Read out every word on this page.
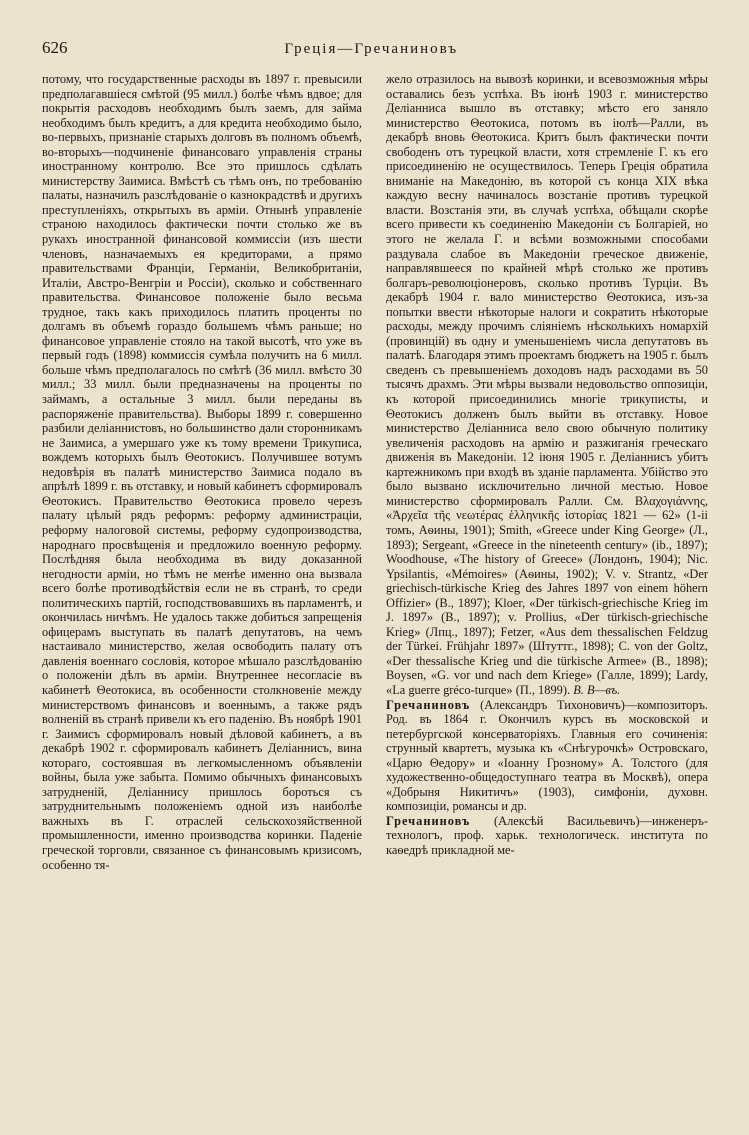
626	Грецiя—Гречаниновъ

потому, что государственные расходы въ 1897 г. превысили предполагавшiеся смѣтой (95 милл.) болѣе чѣмъ вдвое; для покрытiя расходовъ необходимъ былъ заемъ, для займа необходимъ былъ кредитъ, а для кредита необходимо было, во-первыхъ, признанiе старыхъ долговъ въ полномъ объемѣ, во-вторыхъ—подчиненiе финансоваго управленiя страны иностранному контролю. Все это пришлось сдѣлать министерству Заимиса. Вмѣстѣ съ тѣмъ онъ, по требованiю палаты, назначилъ разслѣдованiе о казнокрадствѣ и другихъ преступленiяхъ, открытыхъ въ армiи. Отнынѣ управленiе страною находилось фактически почти столько же въ рукахъ иностранной финансовой коммиссiи (изъ шести членовъ, назначаемыхъ ея кредиторами, а прямо правительствами Францiи, Германiи, Великобританiи, Италiи, Австро-Венгрiи и Россiи), сколько и собственнаго правительства. Финансовое положенiе было весьма трудное, такъ какъ приходилось платить проценты по долгамъ въ объемѣ гораздо большемъ чѣмъ раньше; но финансовое управленiе стояло на такой высотѣ, что уже въ первый годъ (1898) коммиссiя сумѣла получить на 6 милл. больше чѣмъ предполагалось по смѣтѣ (36 милл. вмѣсто 30 милл.; 33 милл. были предназначены на проценты по займамъ, а остальные 3 милл. были переданы въ распоряженiе правительства). Выборы 1899 г. совершенно разбили делiаннистовъ, но большинство дали сторонникамъ не Заимиса, а умершаго уже къ тому времени Трикуписа, вождемъ которыхъ былъ Θеотокисъ. Получившее вотумъ недовѣрiя въ палатѣ министерство Заимиса подало въ апрѣлѣ 1899 г. въ отставку, и новый кабинетъ сформировалъ Θеотокисъ. Правительство Θеотокиса провело черезъ палату цѣлый рядъ реформъ: реформу администрацiи, реформу налоговой системы, реформу судопроизводства, народнаго просвѣщенiя и предложило военную реформу. Послѣдняя была необходима въ виду доказанной негодности армiи, но тѣмъ не менѣе именно она вызвала всего болѣе противодѣйствiя если не въ странѣ, то среди политическихъ партiй, господствовавшихъ въ парламентѣ, и окончилась ничѣмъ. Не удалось также добиться запрещенiя офицерамъ выступать въ палатѣ депутатовъ, на чемъ настаивало министерство, желая освободить палату отъ давленiя военнаго сословiя, которое мѣшало разслѣдованiю о положенiи дѣлъ въ армiи. Внутреннее несогласiе въ кабинетѣ Θеотокиса, въ особенности столкновенiе между министерствомъ финансовъ и военнымъ, а также рядъ волненiй въ странѣ привели къ его паденiю. Въ ноябрѣ 1901 г. Заимисъ сформировалъ новый дѣловой кабинетъ, а въ декабрѣ 1902 г. сформировалъ кабинетъ Делiаннисъ, вина котораго, состоявшая въ легкомысленномъ объявленiи войны, была уже забыта. Помимо обычныхъ финансовыхъ затрудненiй, Делiаннису пришлось бороться съ затруднительнымъ положенiемъ одной изъ наиболѣе важныхъ въ Г. отраслей сельскохозяйственной промышленности, именно производства коринки. Паденiе греческой торговли, связанное съ финансовымъ кризисомъ, особенно тя-

жело отразилось на вывозѣ коринки, и всевозможныя мѣры оставались безъ успѣха. Въ iюнѣ 1903 г. министерство Делiаннисa вышло въ отставку; мѣсто его заняло министерство Θеотокиса, потомъ въ iюлѣ—Ралли, въ декабрѣ вновь Θеотокиса. Критъ былъ фактически почти свободенъ отъ турецкой власти, хотя стремленiе Г. къ его присоединенiю не осуществилось. Теперь Грецiя обратила вниманiе на Македонiю, въ которой съ конца XIX вѣка каждую весну начиналось возстанiе противъ турецкой власти. Возстанiя эти, въ случаѣ успѣха, обѣщали скорѣе всего привести къ соединенiю Македонiи съ Болгарiей, но этого не желала Г. и всѣми возможными способами раздувала слабое въ Македонiи греческое движенiе, направлявшееся по крайней мѣрѣ столько же противъ болгаръ-революцiонеровъ, сколько противъ Турцiи. Въ декабрѣ 1904 г. вало министерство Θеотокиса, изъ-за попытки ввести нѣкоторые налоги и сократить нѣкоторые расходы, между прочимъ слiянiемъ нѣсколькихъ номархiй (провинцiй) въ одну и уменьшенiемъ числа депутатовъ въ палатѣ. Благодаря этимъ проектамъ бюджетъ на 1905 г. былъ сведенъ съ превышенiемъ доходовъ надъ расходами въ 50 тысячъ драхмъ. Эти мѣры вызвали недовольство оппозицiи, къ которой присоединились многiе трикуписты, и Θеотокисъ долженъ былъ выйти въ отставку. Новое министерство Делiаннисa вело свою обычную политику увеличенiя расходовъ на армiю и разжиганiя греческаго движенiя въ Македонiи. 12 iюня 1905 г. Делiаннисъ убитъ картежникомъ при входѣ въ зданiе парламента. Убiйство это было вызвано исключительно личной местью. Новое министерство сформировалъ Ралли. См. Βλαχογιάννης, «Ἀρχεῖα τῆς νεωτέρας ἑλληνικῆς ἱστορίας 1821 — 62» (1-ii томъ, Аѳины, 1901); Smith, «Greece under King George» (Л., 1893); Sergeant, «Greece in the nineteenth century» (ib., 1897); Woodhouse, «The history of Greece» (Лондонъ, 1904); Nic. Ypsilantis, «Mémoires» (Аѳины, 1902); V. v. Strantz, «Der griechisch-türkische Krieg des Jahres 1897 von einem höhern Offizier» (B., 1897); Kloer, «Der türkisch-griechische Krieg im J. 1897» (B., 1897); v. Prollius, «Der türkisch-griechische Krieg» (Лпц., 1897); Fetzer, «Aus dem thessalischen Feldzug der Türkei. Frühjahr 1897» (Штуттг., 1898); C. von der Goltz, «Der thessalische Krieg und die türkische Armee» (B., 1898); Boysen, «G. vor und nach dem Kriege» (Галле, 1899); Lardy, «La guerre gréco-turque» (П., 1899). В. В—въ.

Гречаниновъ (Александръ Тихоновичъ)—композиторъ. Род. въ 1864 г. Окончилъ курсъ въ московской и петербургской консерваторiяхъ. Главныя его сочиненiя: струнный квартетъ, музыка къ «Снѣгурочкѣ» Островскаго, «Царю Θедору» и «Iоанну Грозному» А. Толстого (для художественно-общедоступнаго театра въ Москвѣ), опера «Добрыня Никитичъ» (1903), симфонiи, духовн. композицiи, романсы и др.

Гречаниновъ (Алексѣй Васильевичъ)—инженеръ-технологъ, проф. харьк. технологическ. института по каѳедрѣ прикладной ме-
